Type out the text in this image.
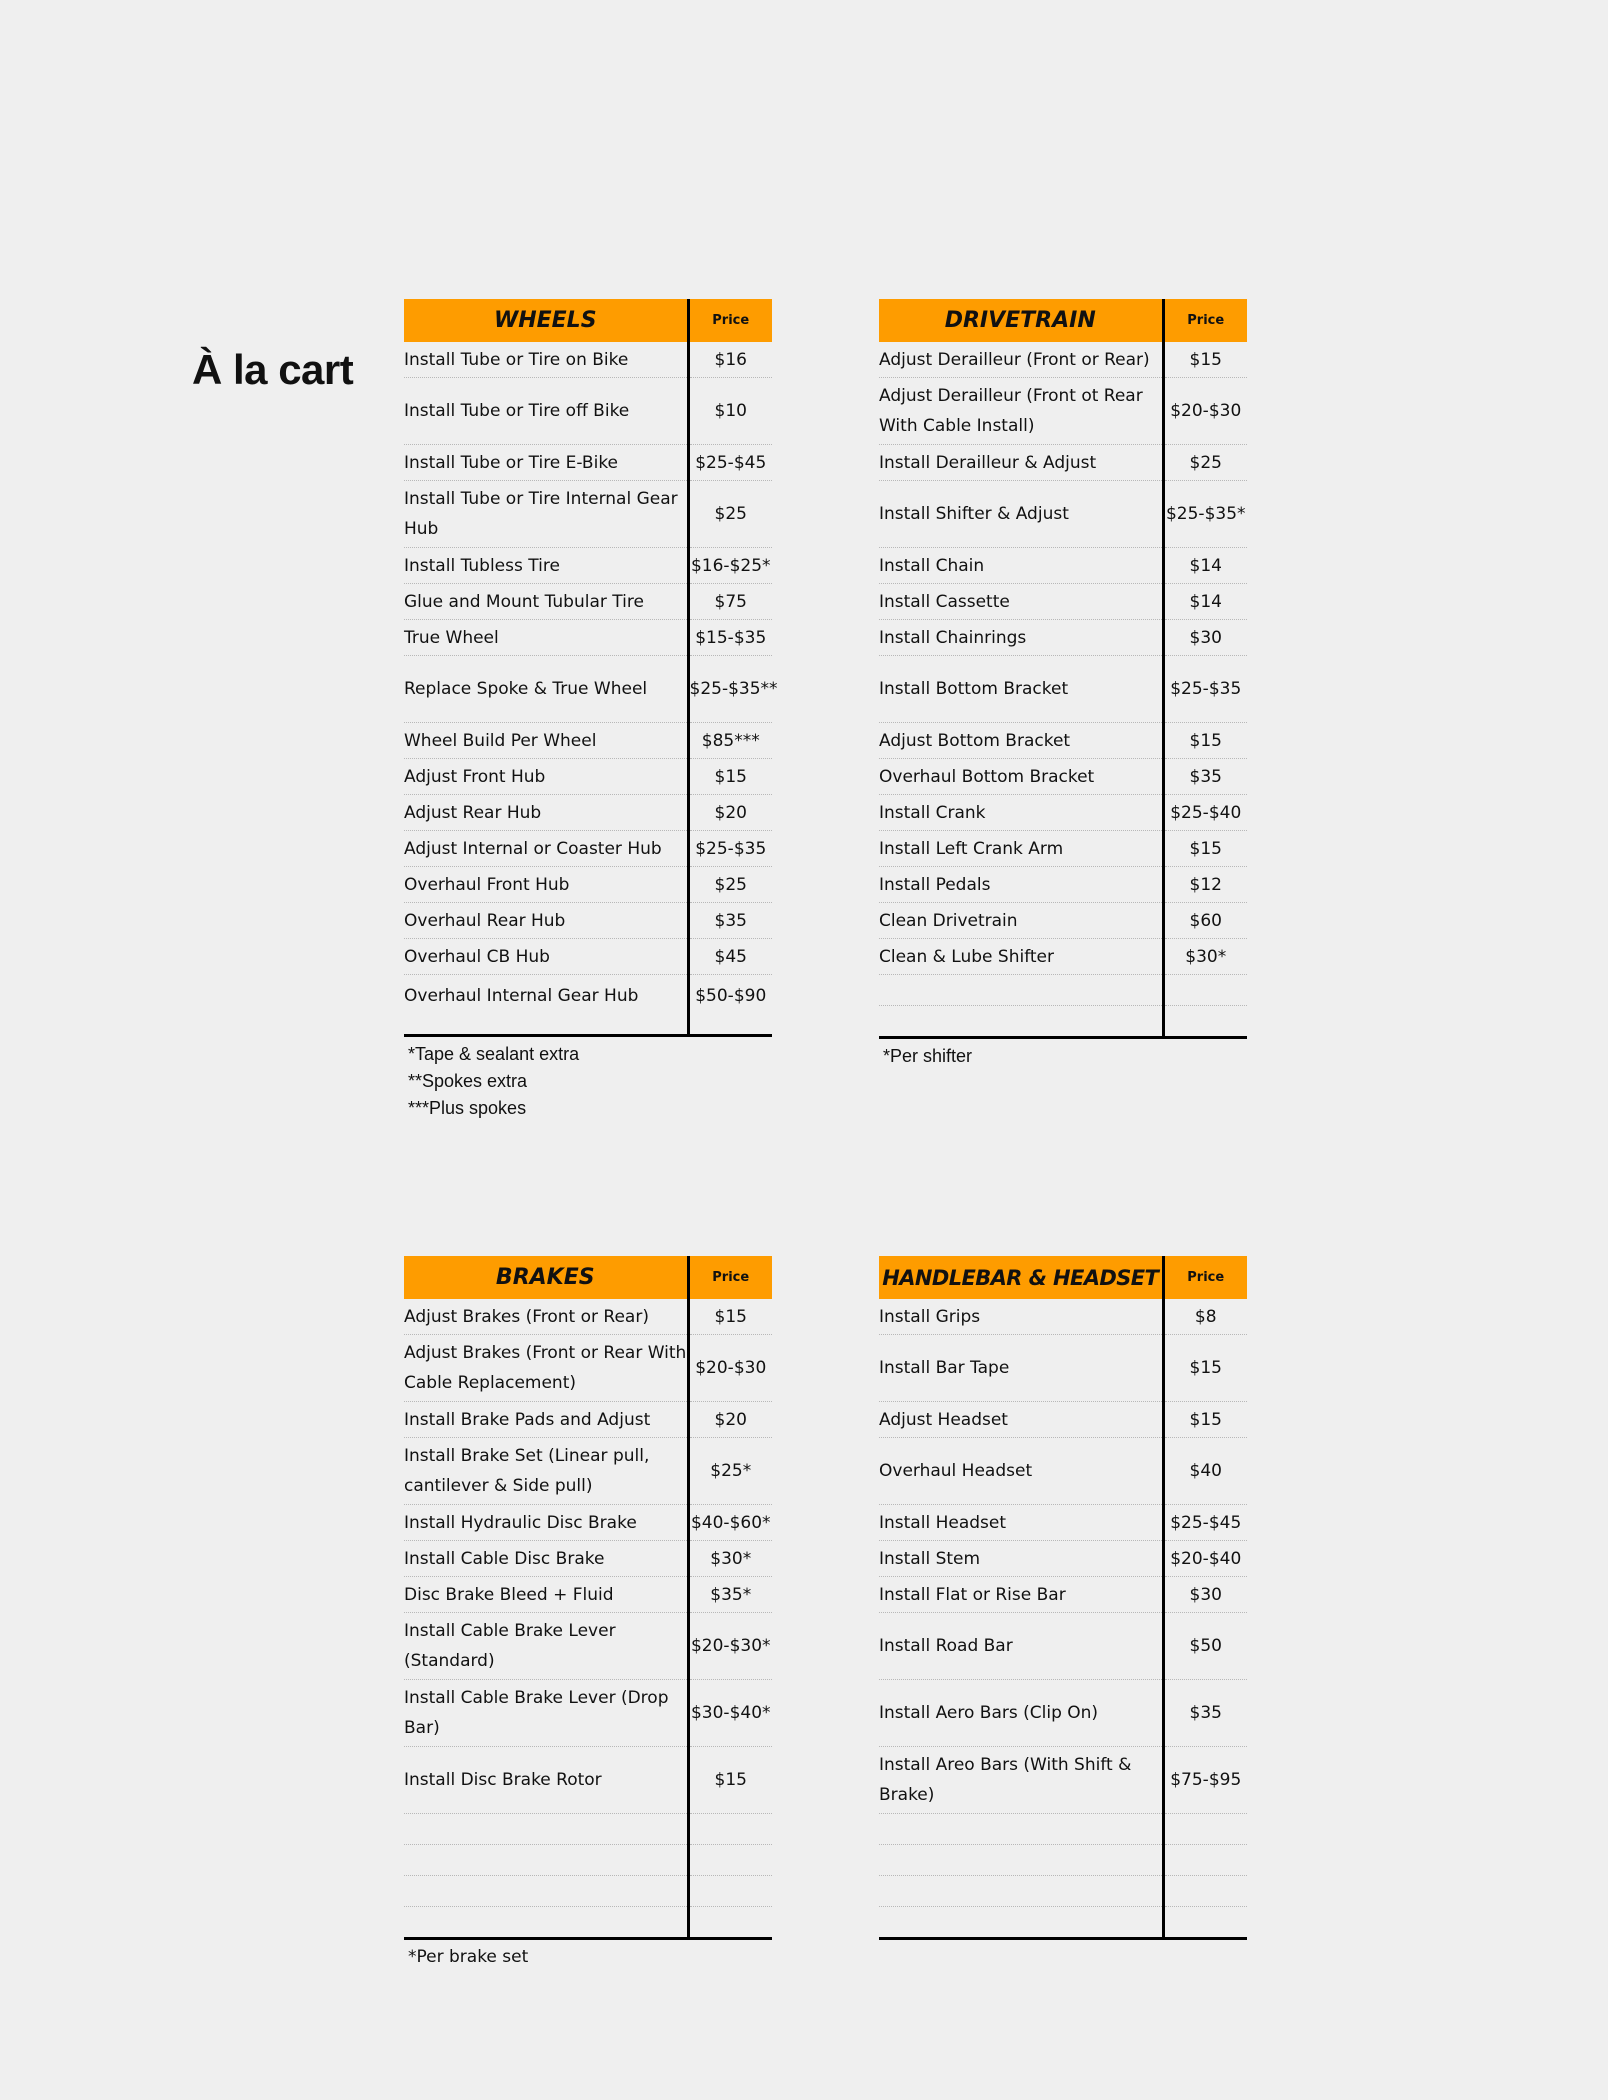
À la cart
WHEELS	Price
Install Tube or Tire on Bike	$16
Install Tube or Tire off Bike	$10
Install Tube or Tire E-Bike	$25-$45
Install Tube or Tire Internal Gear Hub	$25
Install Tubless Tire	$16-$25*
Glue and Mount Tubular Tire	$75
True Wheel	$15-$35
Replace Spoke & True Wheel	$25-$35**
Wheel Build Per Wheel	$85***
Adjust Front Hub	$15
Adjust Rear Hub	$20
Adjust Internal or Coaster Hub	$25-$35
Overhaul Front Hub	$25
Overhaul Rear Hub	$35
Overhaul CB Hub	$45
Overhaul Internal Gear Hub	$50-$90
*Tape & sealant extra
**Spokes extra
***Plus spokes
DRIVETRAIN	Price
Adjust Derailleur (Front or Rear)	$15
Adjust Derailleur (Front ot Rear With Cable Install)	$20-$30
Install Derailleur & Adjust	$25
Install Shifter & Adjust	$25-$35*
Install Chain	$14
Install Cassette	$14
Install Chainrings	$30
Install Bottom Bracket	$25-$35
Adjust Bottom Bracket	$15
Overhaul Bottom Bracket	$35
Install Crank	$25-$40
Install Left Crank Arm	$15
Install Pedals	$12
Clean Drivetrain	$60
Clean & Lube Shifter	$30*

*Per shifter
BRAKES	Price
Adjust Brakes (Front or Rear)	$15
Adjust Brakes (Front or Rear With Cable Replacement)	$20-$30
Install Brake Pads and Adjust	$20
Install Brake Set (Linear pull, cantilever & Side pull)	$25*
Install Hydraulic Disc Brake	$40-$60*
Install Cable Disc Brake	$30*
Disc Brake Bleed + Fluid	$35*
Install Cable Brake Lever (Standard)	$20-$30*
Install Cable Brake Lever (Drop Bar)	$30-$40*
Install Disc Brake Rotor	$15

*Per brake set
HANDLEBAR & HEADSET	Price
Install Grips	$8
Install Bar Tape	$15
Adjust Headset	$15
Overhaul Headset	$40
Install Headset	$25-$45
Install Stem	$20-$40
Install Flat or Rise Bar	$30
Install Road Bar	$50
Install Aero Bars (Clip On)	$35
Install Areo Bars (With Shift & Brake)	$75-$95
